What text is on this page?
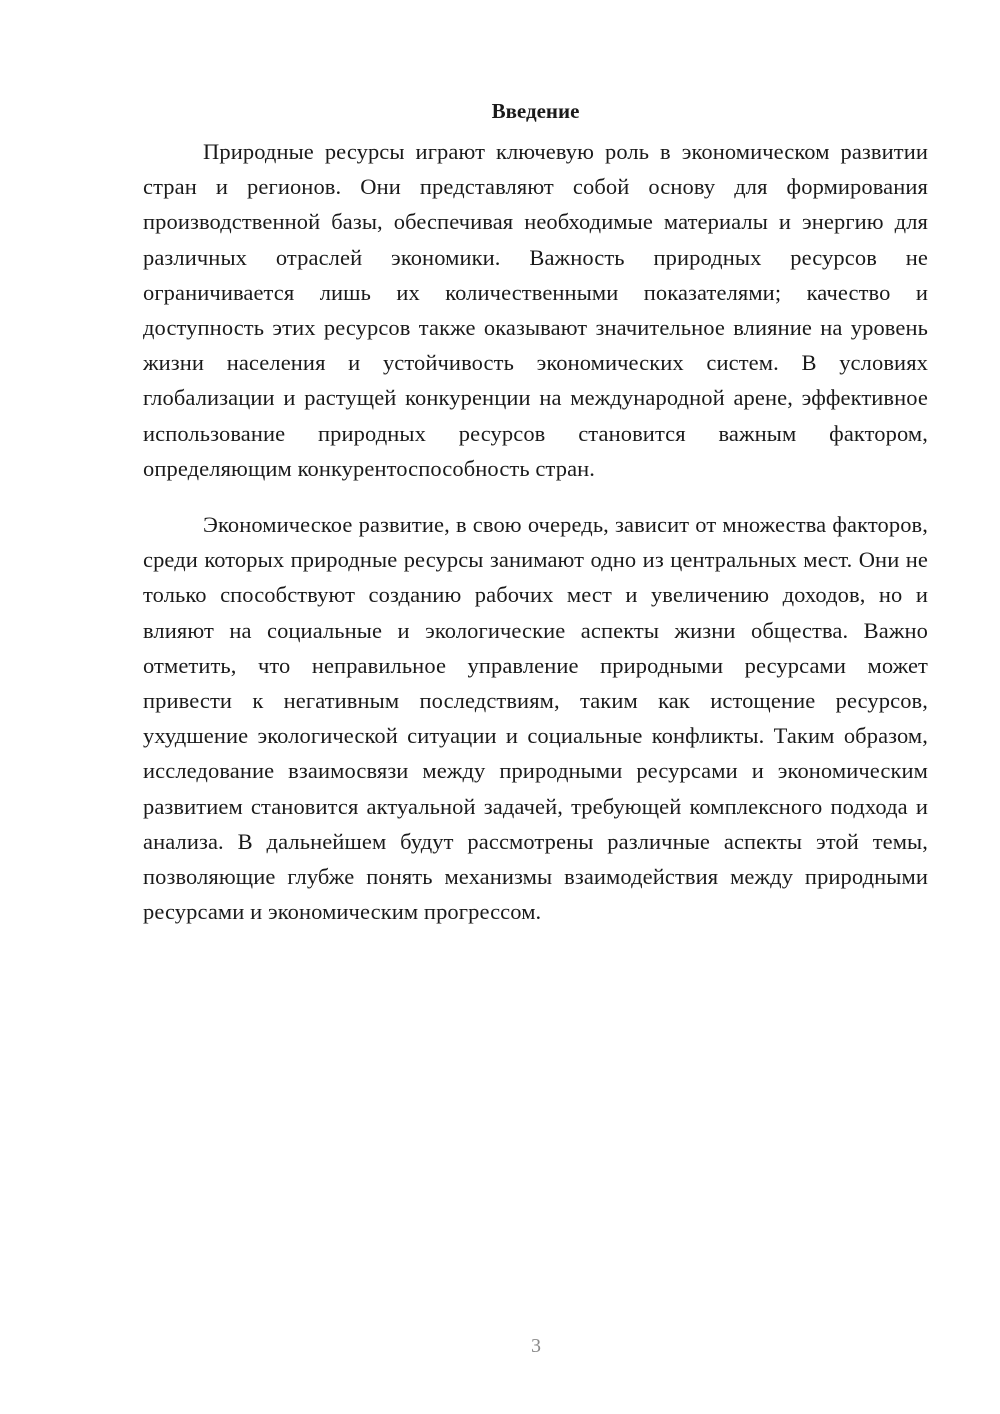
Введение

Природные ресурсы играют ключевую роль в экономическом развитии стран и регионов. Они представляют собой основу для формирования производственной базы, обеспечивая необходимые материалы и энергию для различных отраслей экономики. Важность природных ресурсов не ограничивается лишь их количественными показателями; качество и доступность этих ресурсов также оказывают значительное влияние на уровень жизни населения и устойчивость экономических систем. В условиях глобализации и растущей конкуренции на международной арене, эффективное использование природных ресурсов становится важным фактором, определяющим конкурентоспособность стран.

Экономическое развитие, в свою очередь, зависит от множества факторов, среди которых природные ресурсы занимают одно из центральных мест. Они не только способствуют созданию рабочих мест и увеличению доходов, но и влияют на социальные и экологические аспекты жизни общества. Важно отметить, что неправильное управление природными ресурсами может привести к негативным последствиям, таким как истощение ресурсов, ухудшение экологической ситуации и социальные конфликты. Таким образом, исследование взаимосвязи между природными ресурсами и экономическим развитием становится актуальной задачей, требующей комплексного подхода и анализа. В дальнейшем будут рассмотрены различные аспекты этой темы, позволяющие глубже понять механизмы взаимодействия между природными ресурсами и экономическим прогрессом.

3
